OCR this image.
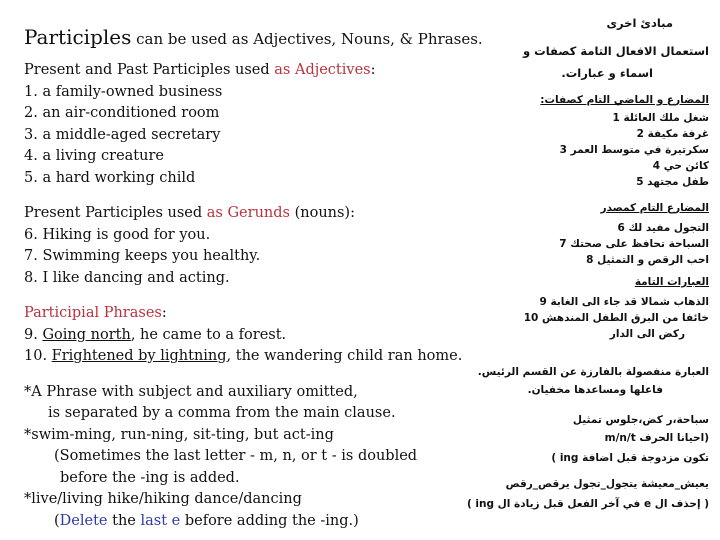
Participles can be used as Adjectives, Nouns, & Phrases.
Present and Past Participles used as Adjectives:
1. a family-owned business
2. an air-conditioned room
3. a middle-aged secretary
4. a living creature
5. a hard working child
Present Participles used as Gerunds (nouns):
6. Hiking is good for you.
7. Swimming keeps you healthy.
8. I like dancing and acting.
Participial Phrases:
9. Going north, he came to a forest.
10. Frightened by lightning, the wandering child ran home.
*A Phrase with subject and auxiliary omitted,
is separated by a comma from the main clause.
*swim-ming, run-ning, sit-ting, but act-ing
(Sometimes the last letter - m, n, or t - is doubled
before the -ing is added.
*live/living hike/hiking dance/dancing
(Delete the last e before adding the -ing.)
مبادئ اخرى
استعمال الافعال التامة كصفات و
اسماء و عبارات.
المضارع و الماضي التام كصفات:
شغل ملك العائلة 1
غرفة مكيفة 2
سكرتيرة في متوسط العمر 3
كائن حي 4
طفل مجتهد 5
المضارع التام كمصدر
التجول مفيد لك 6
السباحة تحافظ على صحتك 7
احب الرقص و التمثيل 8
العبارات التامة
الذهاب شمالا قد جاء الى الغابة 9
خائفا من البرق الطفل المندهش 10
ركض الى الدار
العبارة منفصولة بالفارزة عن القسم الرئيس.
فاعلها ومساعدها مخفيان.
سباحة،ر كض،جلوس تمثيل
(احيانا الحرف m/n/t
تكون مزدوجة قبل اضافة ing )
يعيش_معيشة يتجول_تجول يرقص_رقص
( إحذف ال e في آخر الفعل قبل زيادة ال ing )
